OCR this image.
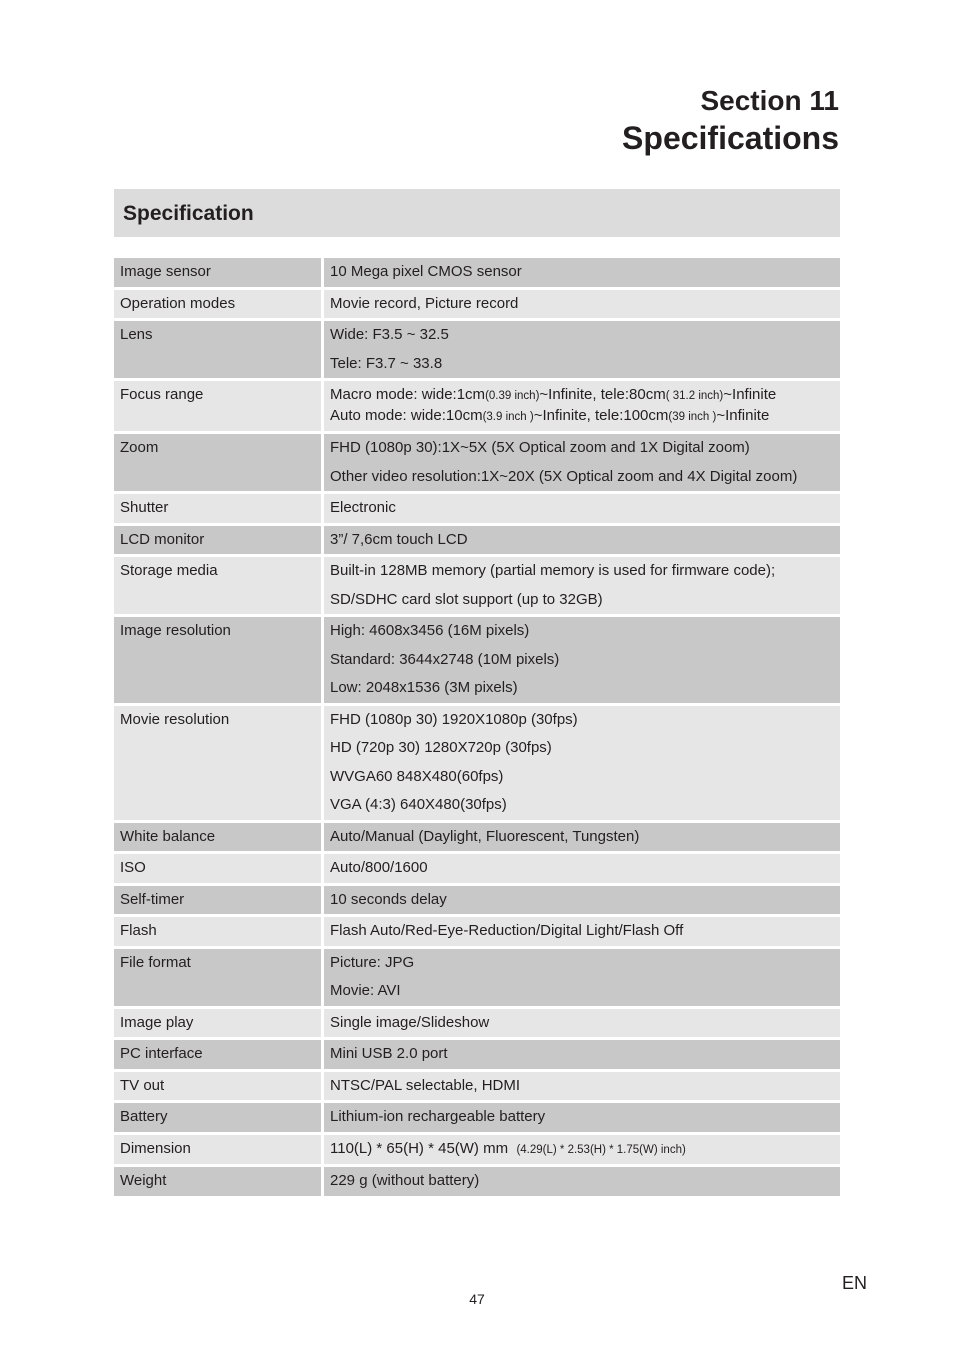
Section 11
Specifications
Specification
Image sensor	10 Mega pixel CMOS sensor

Operation modes	Movie record, Picture record

Lens	Wide: F3.5 ~ 32.5
Tele: F3.7 ~ 33.8

Focus range	Macro mode: wide:1cm(0.39 inch)~Infinite, tele:80cm( 31.2 inch)~Infinite
Auto mode: wide:10cm(3.9 inch )~Infinite, tele:100cm(39 inch )~Infinite

Zoom	FHD (1080p 30):1X~5X (5X Optical zoom and 1X Digital zoom)
Other video resolution:1X~20X (5X Optical zoom and 4X Digital zoom)

Shutter	Electronic

LCD monitor	3”/ 7,6cm touch LCD

Storage media	Built-in 128MB memory (partial memory is used for firmware code);
SD/SDHC card slot support (up to 32GB)

Image resolution	High: 4608x3456 (16M pixels)
Standard: 3644x2748 (10M pixels)
Low: 2048x1536 (3M pixels)

Movie resolution	FHD (1080p 30) 1920X1080p (30fps)
HD (720p 30) 1280X720p (30fps)
WVGA60 848X480(60fps)
VGA (4:3) 640X480(30fps)

White balance	Auto/Manual (Daylight, Fluorescent, Tungsten)

ISO	Auto/800/1600

Self-timer	10 seconds delay

Flash	Flash Auto/Red-Eye-Reduction/Digital Light/Flash Off

File format	Picture: JPG
Movie: AVI

Image play	Single image/Slideshow

PC interface	Mini USB 2.0 port

TV out	NTSC/PAL selectable, HDMI

Battery	Lithium-ion rechargeable battery

Dimension	110(L) * 65(H) * 45(W) mm (4.29(L) * 2.53(H) * 1.75(W) inch)

Weight	229 g (without battery)
EN
47
